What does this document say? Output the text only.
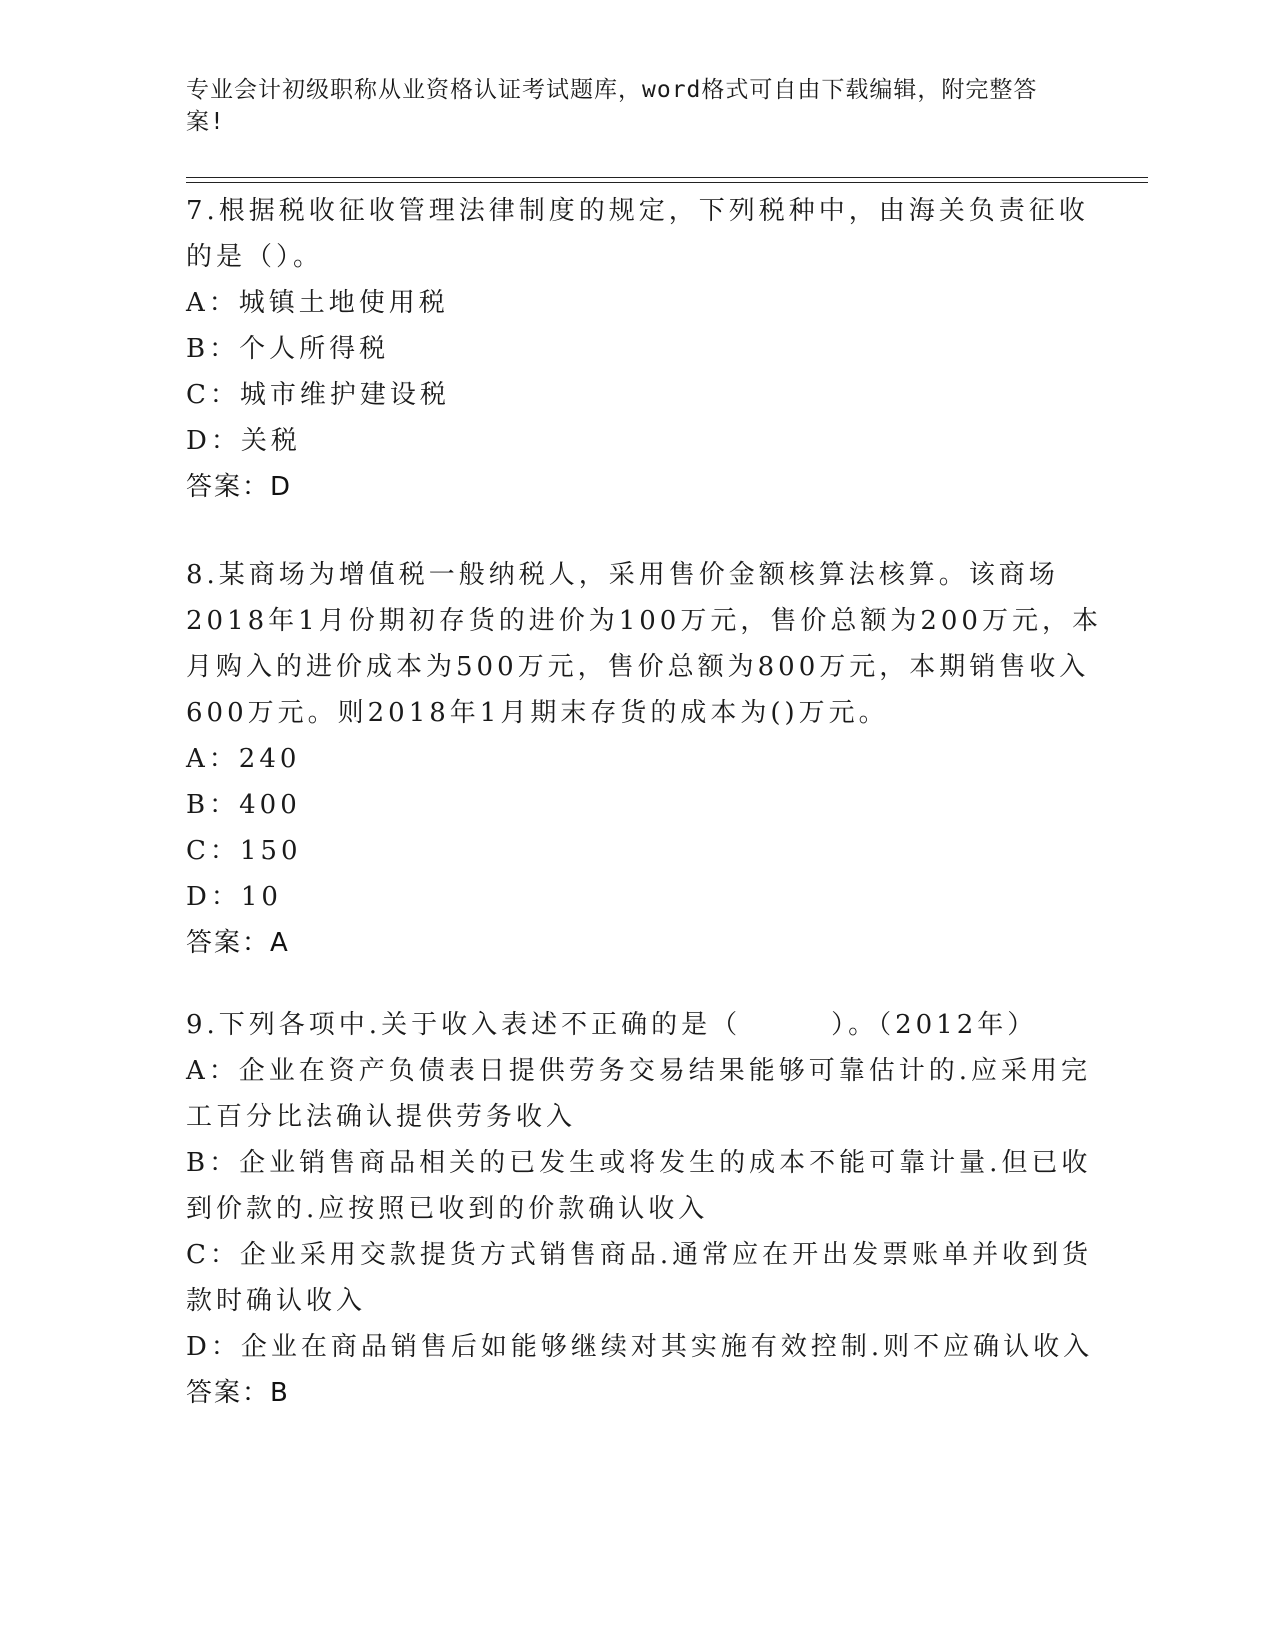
专业会计初级职称从业资格认证考试题库，word格式可自由下载编辑，附完整答
案!
7.根据税收征收管理法律制度的规定，下列税种中，由海关负责征收
的是（）。
A：城镇土地使用税
B：个人所得税
C：城市维护建设税
D：关税
答案：D
8.某商场为增值税一般纳税人，采用售价金额核算法核算。该商场
2018年1月份期初存货的进价为100万元，售价总额为200万元，本
月购入的进价成本为500万元，售价总额为800万元，本期销售收入
600万元。则2018年1月期末存货的成本为()万元。
A：240
B：400
C：150
D：10
答案：A
9.下列各项中.关于收入表述不正确的是（　　　）。（2012年）
A：企业在资产负债表日提供劳务交易结果能够可靠估计的.应采用完
工百分比法确认提供劳务收入
B：企业销售商品相关的已发生或将发生的成本不能可靠计量.但已收
到价款的.应按照已收到的价款确认收入
C：企业采用交款提货方式销售商品.通常应在开出发票账单并收到货
款时确认收入
D：企业在商品销售后如能够继续对其实施有效控制.则不应确认收入
答案：B
